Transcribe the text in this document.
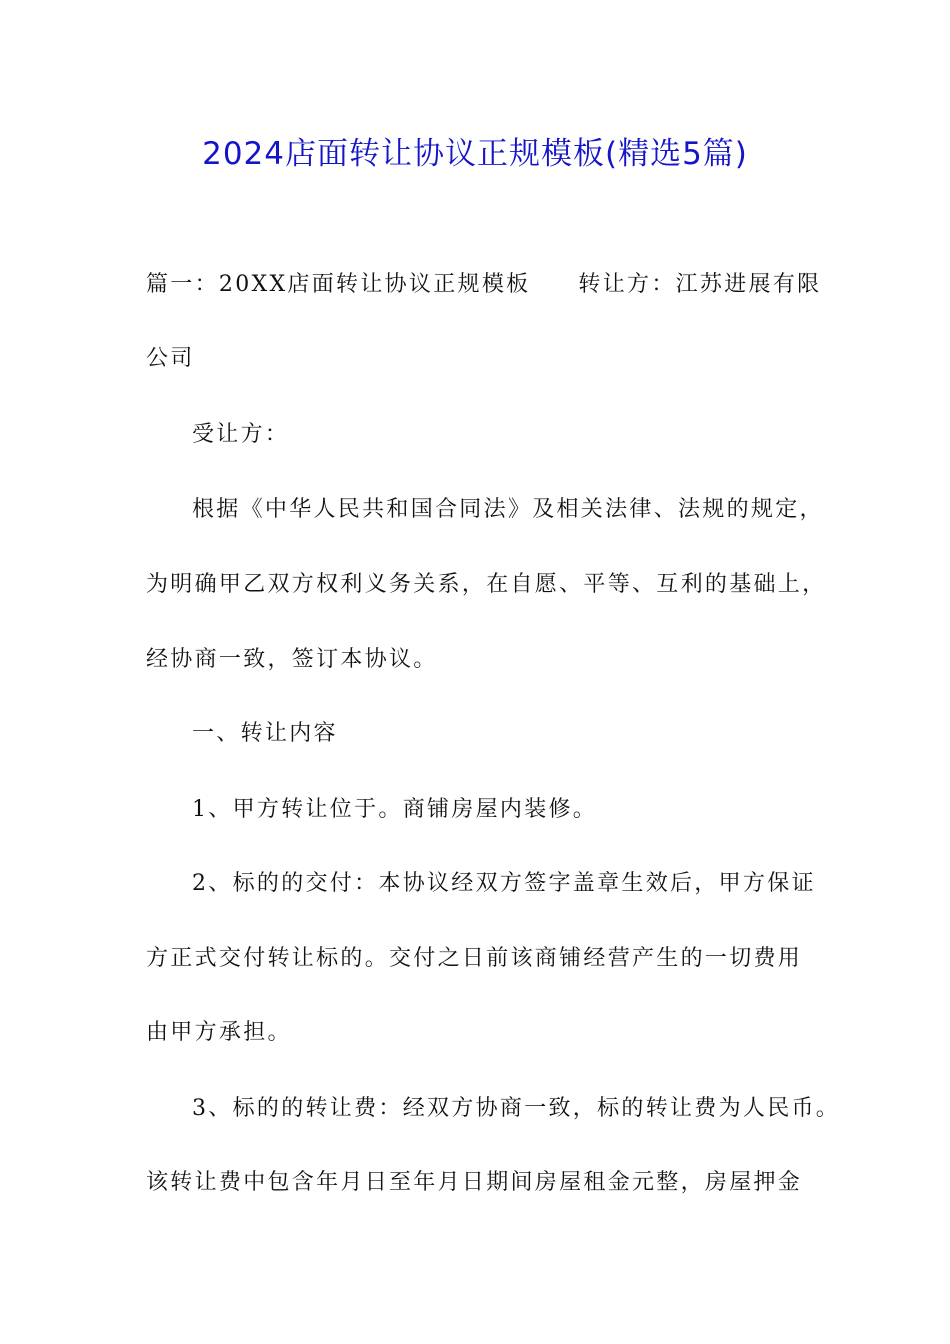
2024店面转让协议正规模板(精选5篇)
篇一：20XX店面转让协议正规模板 转让方：江苏进展有限
公司
受让方：
根据《中华人民共和国合同法》及相关法律、法规的规定，
为明确甲乙双方权利义务关系，在自愿、平等、互利的基础上，
经协商一致，签订本协议。
一、转让内容
1、甲方转让位于。商铺房屋内装修。
2、标的的交付：本协议经双方签字盖章生效后，甲方保证
方正式交付转让标的。交付之日前该商铺经营产生的一切费用
由甲方承担。
3、标的的转让费：经双方协商一致，标的转让费为人民币。
该转让费中包含年月日至年月日期间房屋租金元整，房屋押金
